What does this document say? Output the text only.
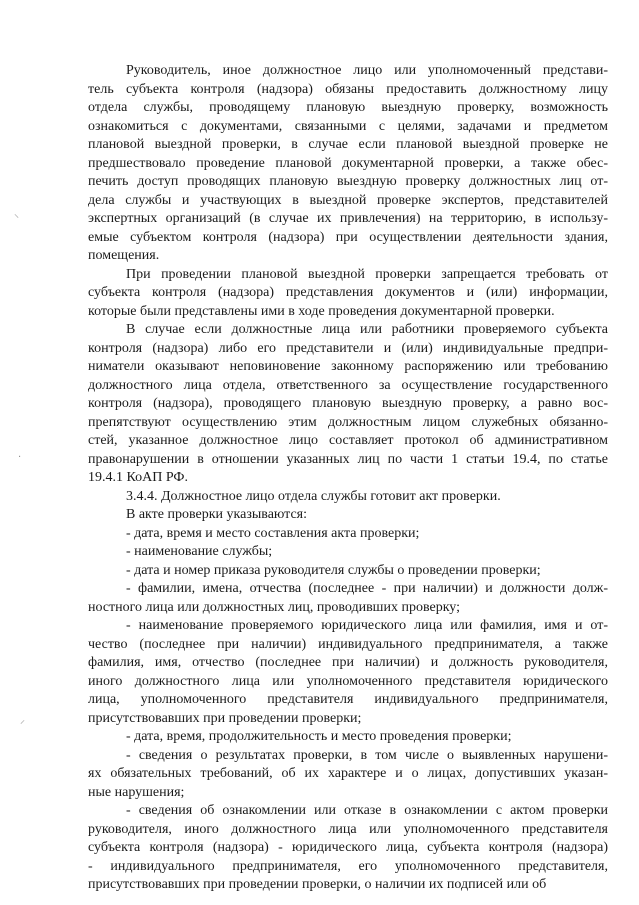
Руководитель, иное должностное лицо или уполномоченный представи-
тель субъекта контроля (надзора) обязаны предоставить должностному лицу
отдела службы, проводящему плановую выездную проверку, возможность
ознакомиться с документами, связанными с целями, задачами и предметом
плановой выездной проверки, в случае если плановой выездной проверке не
предшествовало проведение плановой документарной проверки, а также обес-
печить доступ проводящих плановую выездную проверку должностных лиц от-
дела службы и участвующих в выездной проверке экспертов, представителей
экспертных организаций (в случае их привлечения) на территорию, в использу-
емые субъектом контроля (надзора) при осуществлении деятельности здания,
помещения.
При проведении плановой выездной проверки запрещается требовать от
субъекта контроля (надзора) представления документов и (или) информации,
которые были представлены ими в ходе проведения документарной проверки.
В случае если должностные лица или работники проверяемого субъекта
контроля (надзора) либо его представители и (или) индивидуальные предпри-
ниматели оказывают неповиновение законному распоряжению или требованию
должностного лица отдела, ответственного за осуществление государственного
контроля (надзора), проводящего плановую выездную проверку, а равно вос-
препятствуют осуществлению этим должностным лицом служебных обязанно-
стей, указанное должностное лицо составляет протокол об административном
правонарушении в отношении указанных лиц по части 1 статьи 19.4, по статье
19.4.1 КоАП РФ.
3.4.4. Должностное лицо отдела службы готовит акт проверки.
В акте проверки указываются:
- дата, время и место составления акта проверки;
- наименование службы;
- дата и номер приказа руководителя службы о проведении проверки;
- фамилии, имена, отчества (последнее - при наличии) и должности долж-
ностного лица или должностных лиц, проводивших проверку;
- наименование проверяемого юридического лица или фамилия, имя и от-
чество (последнее при наличии) индивидуального предпринимателя, а также
фамилия, имя, отчество (последнее при наличии) и должность руководителя,
иного должностного лица или уполномоченного представителя юридического
лица, уполномоченного представителя индивидуального предпринимателя,
присутствовавших при проведении проверки;
- дата, время, продолжительность и место проведения проверки;
- сведения о результатах проверки, в том числе о выявленных нарушени-
ях обязательных требований, об их характере и о лицах, допустивших указан-
ные нарушения;
- сведения об ознакомлении или отказе в ознакомлении с актом проверки
руководителя, иного должностного лица или уполномоченного представителя
субъекта контроля (надзора) - юридического лица, субъекта контроля (надзора)
- индивидуального предпринимателя, его уполномоченного представителя,
присутствовавших при проведении проверки, о наличии их подписей или об
⸜
·
⸝
